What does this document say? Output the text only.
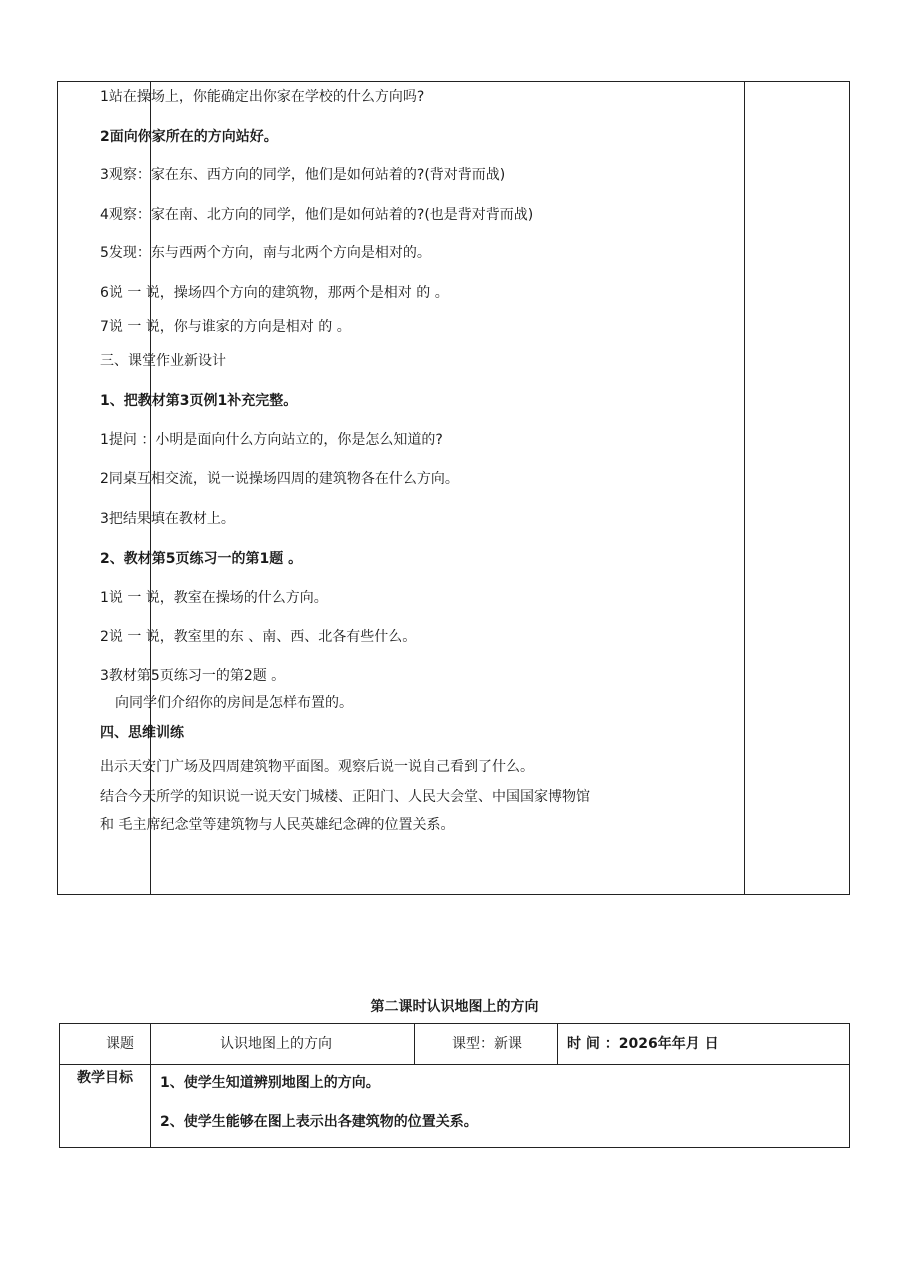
1站在操场上，你能确定出你家在学校的什么方向吗?
2面向你家所在的方向站好。
3观察：家在东、西方向的同学，他们是如何站着的?(背对背而战)
4观察：家在南、北方向的同学，他们是如何站着的?(也是背对背而战)
5发现：东与西两个方向，南与北两个方向是相对的。
6说 一 说，操场四个方向的建筑物，那两个是相对 的 。
7说 一 说，你与谁家的方向是相对 的 。
三、课堂作业新设计
1、把教材第3页例1补充完整。
1提问 ：小明是面向什么方向站立的，你是怎么知道的?
2同桌互相交流，说一说操场四周的建筑物各在什么方向。
3把结果填在教材上。
2、教材第5页练习一的第1题 。
1说 一 说，教室在操场的什么方向。
2说 一 说，教室里的东 、南、西、北各有些什么。
3教材第5页练习一的第2题 。
向同学们介绍你的房间是怎样布置的。
四、思维训练
出示天安门广场及四周建筑物平面图。观察后说一说自己看到了什么。
结合今天所学的知识说一说天安门城楼、正阳门、人民大会堂、中国国家博物馆
和 毛主席纪念堂等建筑物与人民英雄纪念碑的位置关系。
第二课时认识地图上的方向
课题	认识地图上的方向	课型：新课	时 间 ：2026年年月 日
教学目标 1、使学生知道辨别地图上的方向。
2、使学生能够在图上表示出各建筑物的位置关系。
